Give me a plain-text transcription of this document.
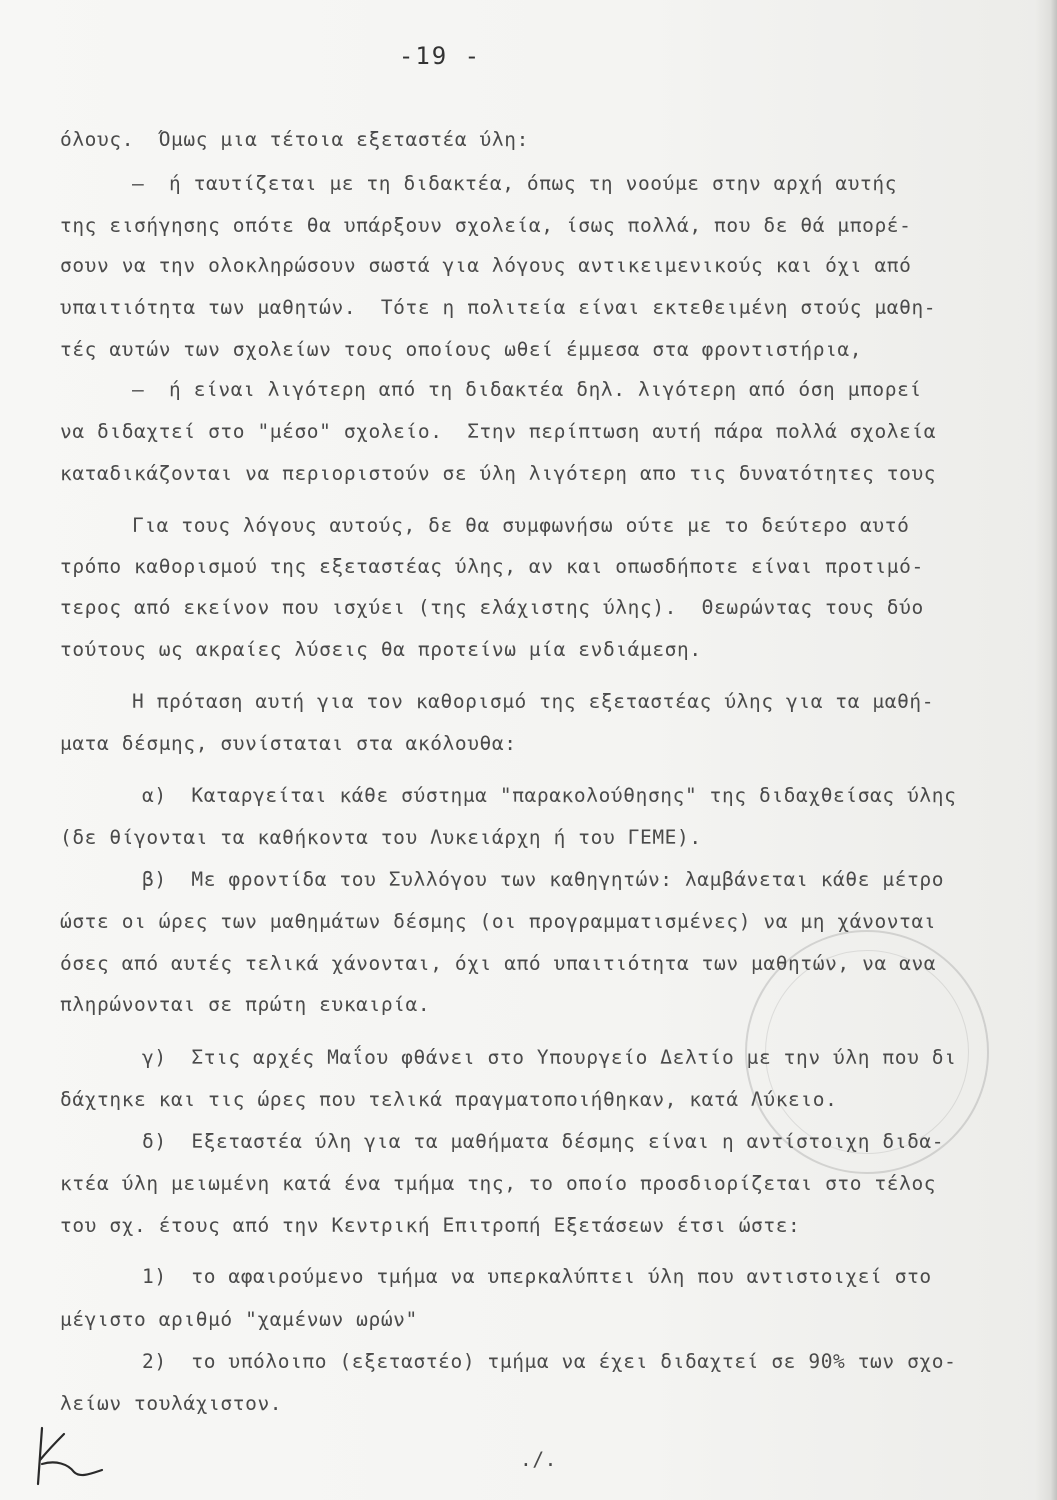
-19 -
όλους.  Όμως μια τέτοια εξεταστέα ύλη:
–  ή ταυτίζεται με τη διδακτέα, όπως τη νοούμε στην αρχή αυτής
της εισήγησης οπότε θα υπάρξουν σχολεία, ίσως πολλά, που δε θά μπορέ-
σουν να την ολοκληρώσουν σωστά για λόγους αντικειμενικούς και όχι από
υπαιτιότητα των μαθητών.  Τότε η πολιτεία είναι εκτεθειμένη στούς μαθη-
τές αυτών των σχολείων τους οποίους ωθεί έμμεσα στα φροντιστήρια,
–  ή είναι λιγότερη από τη διδακτέα δηλ. λιγότερη από όση μπορεί
να διδαχτεί στο "μέσο" σχολείο.  Στην περίπτωση αυτή πάρα πολλά σχολεία
καταδικάζονται να περιοριστούν σε ύλη λιγότερη απο τις δυνατότητες τους
Για τους λόγους αυτούς, δε θα συμφωνήσω ούτε με το δεύτερο αυτό
τρόπο καθορισμού της εξεταστέας ύλης, αν και οπωσδήποτε είναι προτιμό-
τερος από εκείνον που ισχύει (της ελάχιστης ύλης).  Θεωρώντας τους δύο
τούτους ως ακραίες λύσεις θα προτείνω μία ενδιάμεση.
Η πρόταση αυτή για τον καθορισμό της εξεταστέας ύλης για τα μαθή-
ματα δέσμης, συνίσταται στα ακόλουθα:
α)  Καταργείται κάθε σύστημα "παρακολούθησης" της διδαχθείσας ύλης
(δε θίγονται τα καθήκοντα του Λυκειάρχη ή του ΓΕΜΕ).
β)  Με φροντίδα του Συλλόγου των καθηγητών: λαμβάνεται κάθε μέτρο
ώστε οι ώρες των μαθημάτων δέσμης (οι προγραμματισμένες) να μη χάνονται
όσες από αυτές τελικά χάνονται, όχι από υπαιτιότητα των μαθητών, να ανα
πληρώνονται σε πρώτη ευκαιρία.
γ)  Στις αρχές Μαΐου φθάνει στο Υπουργείο Δελτίο με την ύλη που δι
δάχτηκε και τις ώρες που τελικά πραγματοποιήθηκαν, κατά Λύκειο.
δ)  Εξεταστέα ύλη για τα μαθήματα δέσμης είναι η αντίστοιχη διδα-
κτέα ύλη μειωμένη κατά ένα τμήμα της, το οποίο προσδιορίζεται στο τέλος
του σχ. έτους από την Κεντρική Επιτροπή Εξετάσεων έτσι ώστε:
1)  το αφαιρούμενο τμήμα να υπερκαλύπτει ύλη που αντιστοιχεί στο
μέγιστο αριθμό "χαμένων ωρών"
2)  το υπόλοιπο (εξεταστέο) τμήμα να έχει διδαχτεί σε 90% των σχο-
λείων τουλάχιστον.
./.
